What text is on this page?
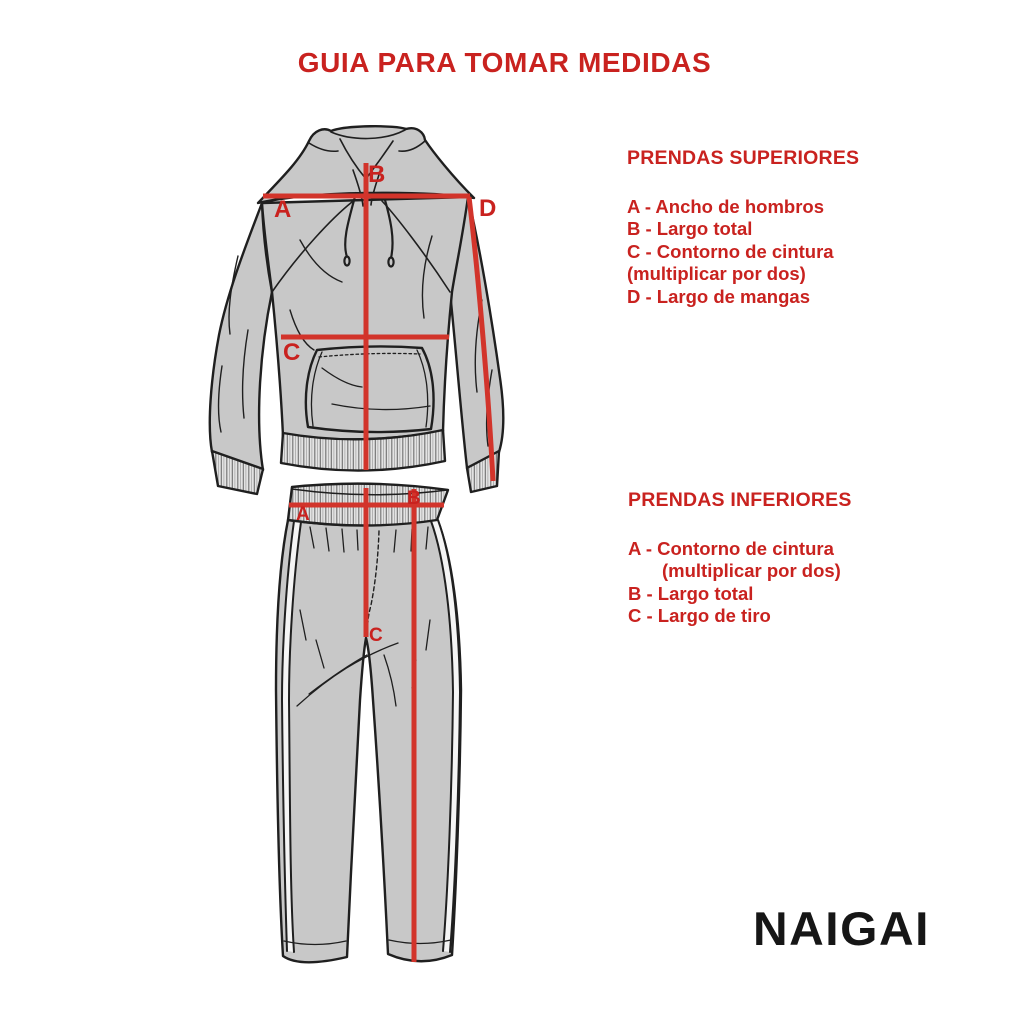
GUIA PARA TOMAR MEDIDAS
A
B
C
D
A
B
C
PRENDAS SUPERIORES
A - Ancho de hombros
B - Largo total
C - Contorno de cintura
(multiplicar por dos)
D - Largo de mangas
PRENDAS INFERIORES
A - Contorno de cintura
(multiplicar por dos)
B - Largo total
C - Largo de tiro
NAIGAI
